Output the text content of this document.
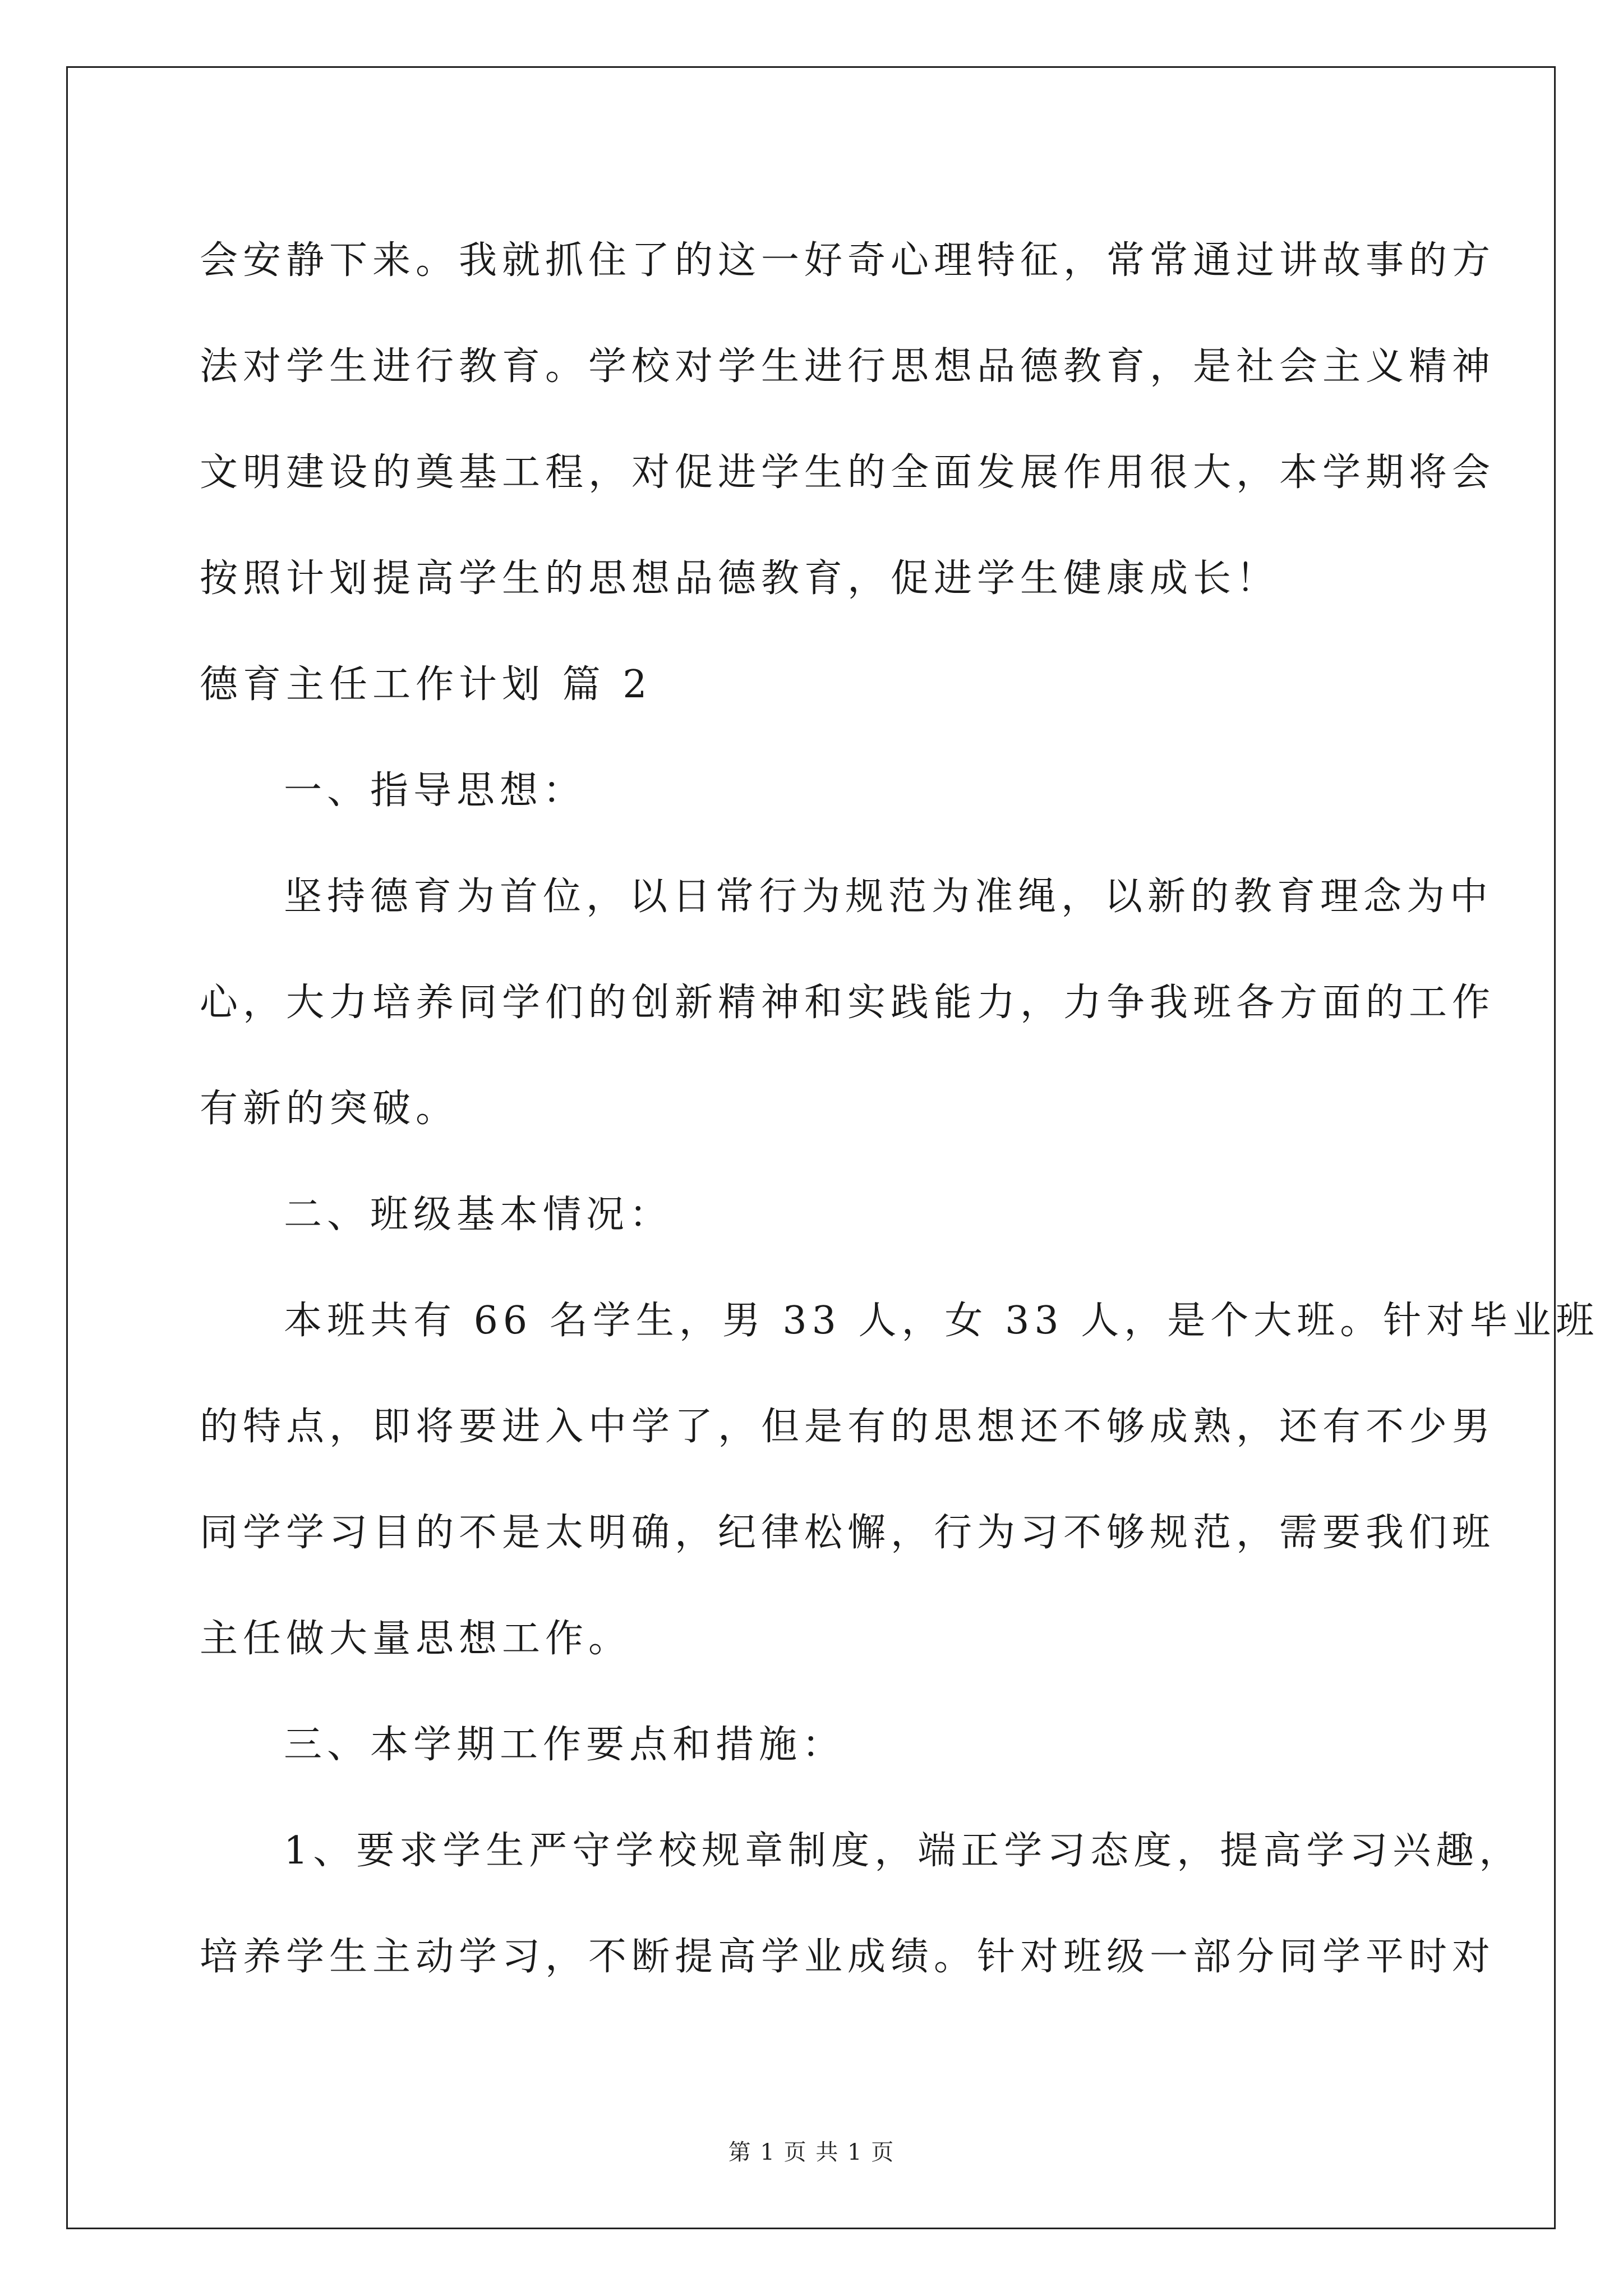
会安静下来。我就抓住了的这一好奇心理特征，常常通过讲故事的方
法对学生进行教育。学校对学生进行思想品德教育，是社会主义精神
文明建设的奠基工程，对促进学生的全面发展作用很大，本学期将会
按照计划提高学生的思想品德教育，促进学生健康成长！
德育主任工作计划 篇 2
一、指导思想：
坚持德育为首位，以日常行为规范为准绳，以新的教育理念为中
心，大力培养同学们的创新精神和实践能力，力争我班各方面的工作
有新的突破。
二、班级基本情况：
本班共有 66 名学生，男 33 人，女 33 人，是个大班。针对毕业班
的特点，即将要进入中学了，但是有的思想还不够成熟，还有不少男
同学学习目的不是太明确，纪律松懈，行为习不够规范，需要我们班
主任做大量思想工作。
三、本学期工作要点和措施：
1、要求学生严守学校规章制度，端正学习态度，提高学习兴趣，
培养学生主动学习，不断提高学业成绩。针对班级一部分同学平时对
第 1 页 共 1 页
